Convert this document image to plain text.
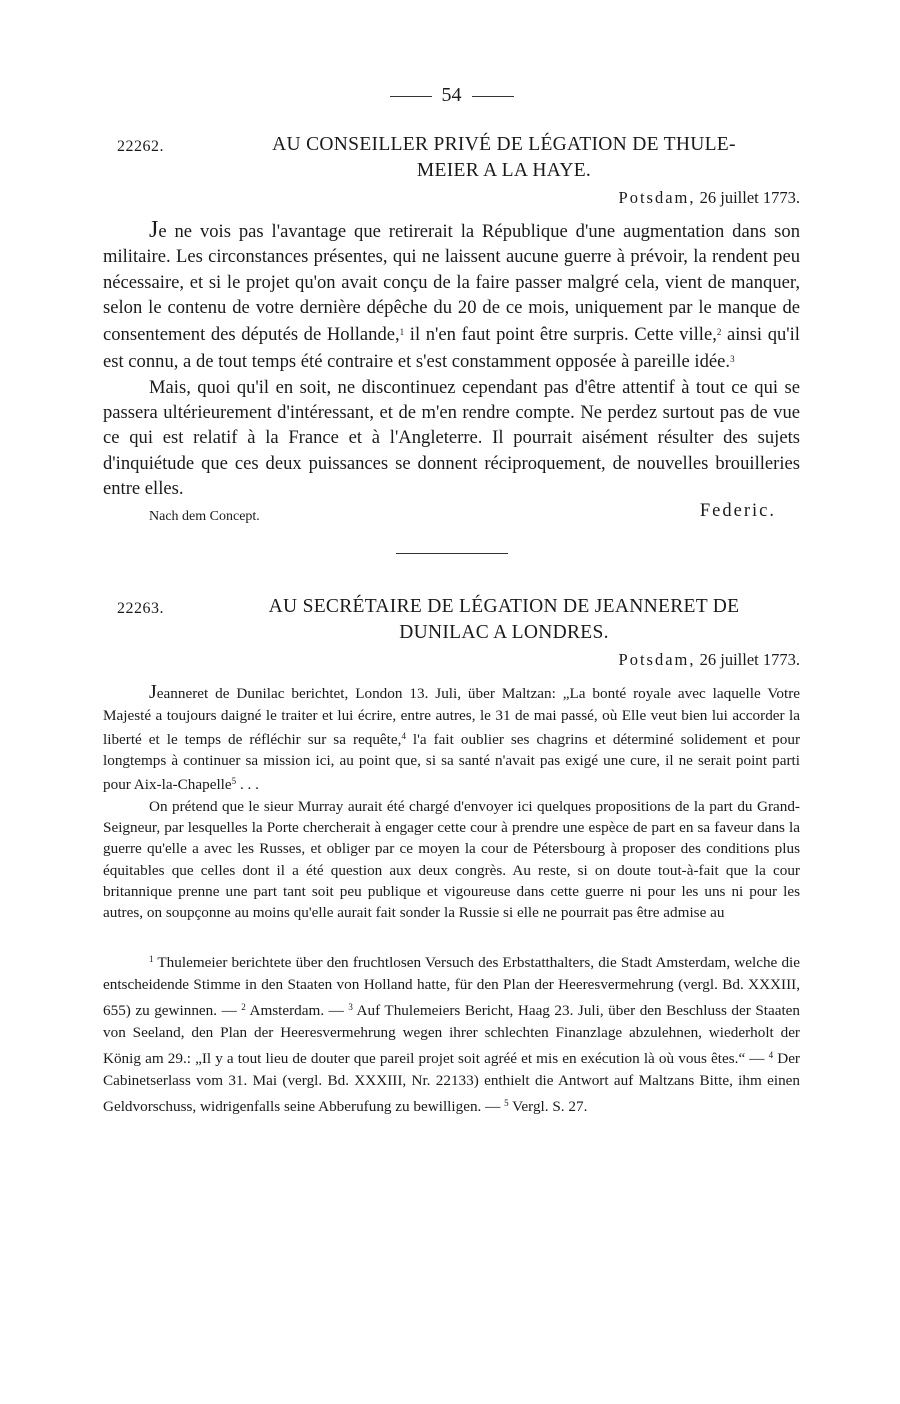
54
22262.	AU CONSEILLER PRIVÉ DE LÉGATION DE THULE-
MEIER A LA HAYE.
Potsdam, 26 juillet 1773.

Je ne vois pas l'avantage que retirerait la République d'une augmentation dans son militaire. Les circonstances présentes, qui ne laissent aucune guerre à prévoir, la rendent peu nécessaire, et si le projet qu'on avait conçu de la faire passer malgré cela, vient de manquer, selon le contenu de votre dernière dépêche du 20 de ce mois, uniquement par le manque de consentement des députés de Hollande,$^1$ il n'en faut point être surpris. Cette ville,$^2$ ainsi qu'il est connu, a de tout temps été contraire et s'est constamment opposée à pareille idée.$^3$

Mais, quoi qu'il en soit, ne discontinuez cependant pas d'être attentif à tout ce qui se passera ultérieurement d'intéressant, et de m'en rendre compte. Ne perdez surtout pas de vue ce qui est relatif à la France et à l'Angleterre. Il pourrait aisément résulter des sujets d'inquiétude que ces deux puissances se donnent réciproquement, de nouvelles brouilleries entre elles.

Nach dem Concept.	Federic.
22263.	AU SECRÉTAIRE DE LÉGATION DE JEANNERET DE
DUNILAC A LONDRES.
Potsdam, 26 juillet 1773.

Jeanneret de Dunilac berichtet, London 13. Juli, über Maltzan: „La bonté royale avec laquelle Votre Majesté a toujours daigné le traiter et lui écrire, entre autres, le 31 de mai passé, où Elle veut bien lui accorder la liberté et le temps de réfléchir sur sa requête,$^4$ l'a fait oublier ses chagrins et déterminé solidement et pour longtemps à continuer sa mission ici, au point que, si sa santé n'avait pas exigé une cure, il ne serait point parti pour Aix-la-Chapelle$^5$ . . .

On prétend que le sieur Murray aurait été chargé d'envoyer ici quelques propositions de la part du Grand-Seigneur, par lesquelles la Porte chercherait à engager cette cour à prendre une espèce de part en sa faveur dans la guerre qu'elle a avec les Russes, et obliger par ce moyen la cour de Pétersbourg à proposer des conditions plus équitables que celles dont il a été question aux deux congrès. Au reste, si on doute tout-à-fait que la cour britannique prenne une part tant soit peu publique et vigoureuse dans cette guerre ni pour les uns ni pour les autres, on soupçonne au moins qu'elle aurait fait sonder la Russie si elle ne pourrait pas être admise au

$^1$ Thulemeier berichtete über den fruchtlosen Versuch des Erbstatthalters, die Stadt Amsterdam, welche die entscheidende Stimme in den Staaten von Holland hatte, für den Plan der Heeresvermehrung (vergl. Bd. XXXIII, 655) zu gewinnen. — $^2$ Amsterdam. — $^3$ Auf Thulemeiers Bericht, Haag 23. Juli, über den Beschluss der Staaten von Seeland, den Plan der Heeresvermehrung wegen ihrer schlechten Finanzlage abzulehnen, wiederholt der König am 29.: „Il y a tout lieu de douter que pareil projet soit agréé et mis en exécution là où vous êtes.“ — $^4$ Der Cabinetserlass vom 31. Mai (vergl. Bd. XXXIII, Nr. 22133) enthielt die Antwort auf Maltzans Bitte, ihm einen Geldvorschuss, widrigenfalls seine Abberufung zu bewilligen. — $^5$ Vergl. S. 27.
